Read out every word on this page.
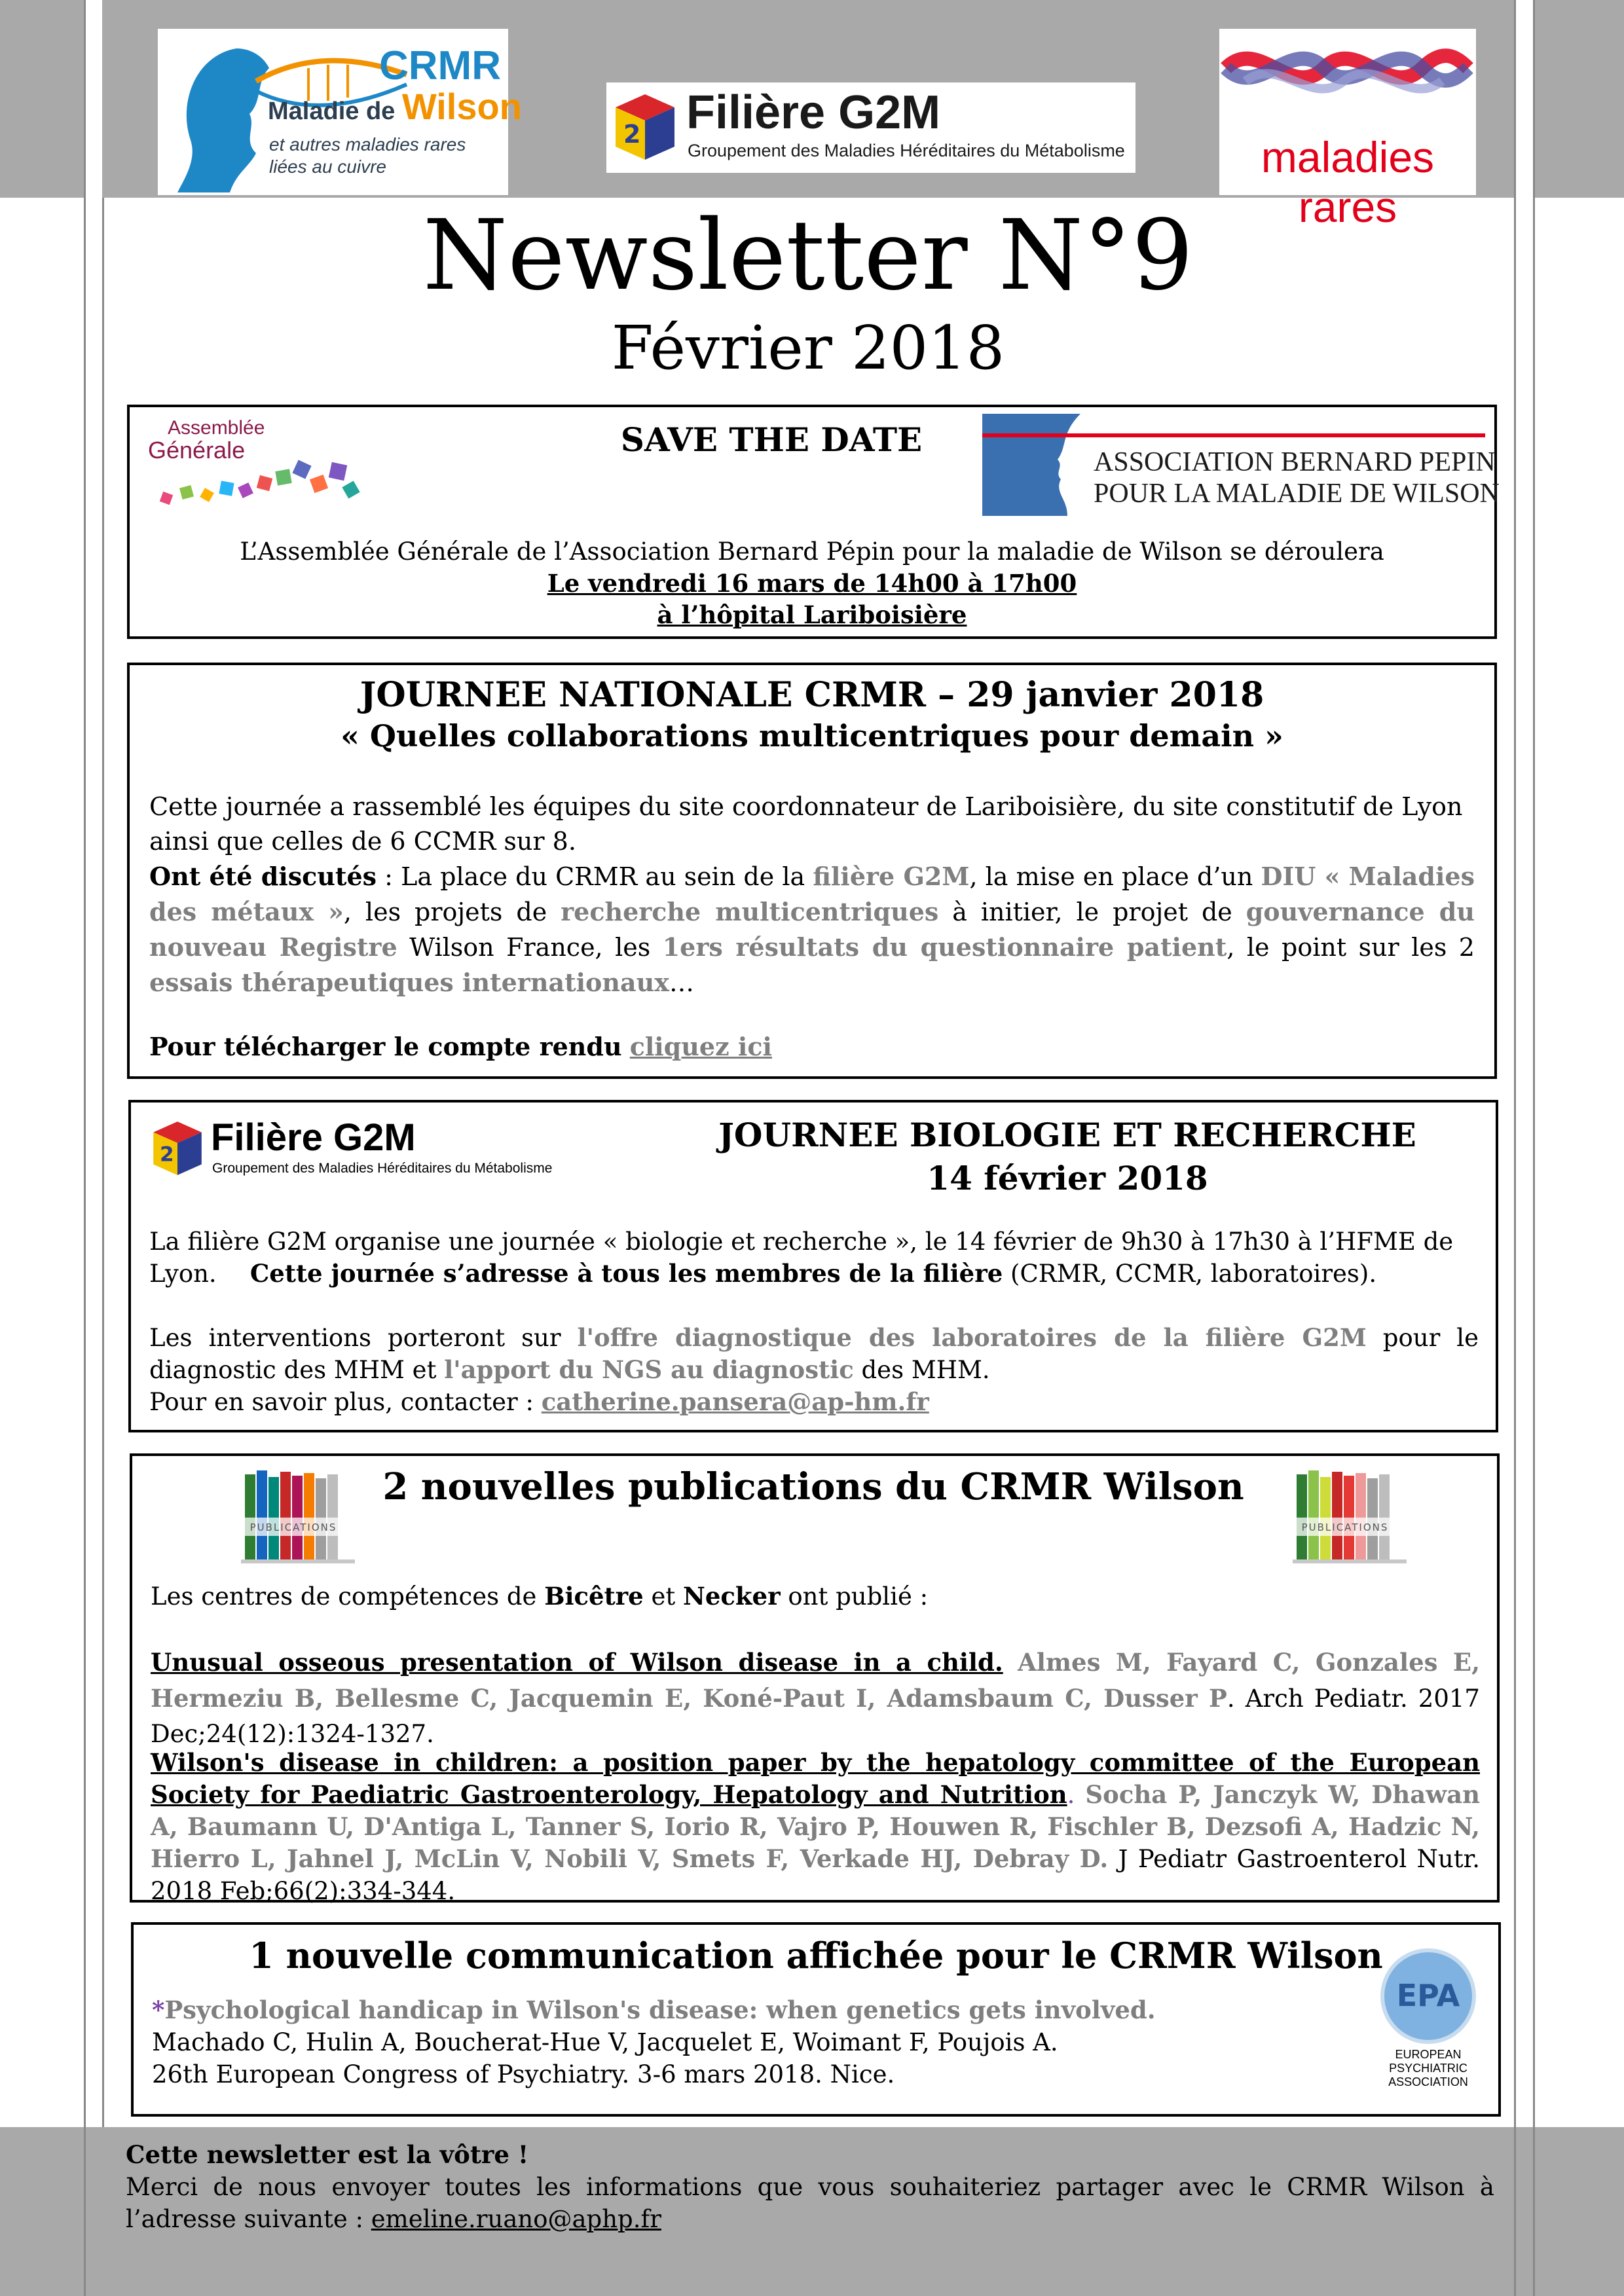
CRMR
Maladie de Wilson
et autres maladies rares
liées au cuivre
2 Filière G2M
Groupement des Maladies Héréditaires du Métabolisme	maladies rares
Newsletter N°9
Février 2018
Assemblée
Générale	SAVE THE DATE
ASSOCIATION BERNARD PEPIN
POUR LA MALADIE DE WILSON
L’Assemblée Générale de l’Association Bernard Pépin pour la maladie de Wilson se déroulera
Le vendredi 16 mars de 14h00 à 17h00
à l’hôpital Lariboisière
JOURNEE NATIONALE CRMR – 29 janvier 2018
« Quelles collaborations multicentriques pour demain »
Cette journée a rassemblé les équipes du site coordonnateur de Lariboisière, du site constitutif de Lyon ainsi que celles de 6 CCMR sur 8.
Ont été discutés : La place du CRMR au sein de la filière G2M, la mise en place d’un DIU « Maladies des métaux », les projets de recherche multicentriques à initier, le projet de gouvernance du nouveau Registre Wilson France, les 1ers résultats du questionnaire patient, le point sur les 2 essais thérapeutiques internationaux…
Pour télécharger le compte rendu cliquez ici
2 Filière G2M
Groupement des Maladies Héréditaires du Métabolisme
JOURNEE BIOLOGIE ET RECHERCHE
14 février 2018
La filière G2M organise une journée « biologie et recherche », le 14 février de 9h30 à 17h30 à l’HFME de Lyon.	Cette journée s’adresse à tous les membres de la filière (CRMR, CCMR, laboratoires).
Les interventions porteront sur l'offre diagnostique des laboratoires de la filière G2M pour le diagnostic des MHM et l'apport du NGS au diagnostic des MHM.
Pour en savoir plus, contacter : catherine.pansera@ap-hm.fr
PUBLICATIONS
2 nouvelles publications du CRMR Wilson
PUBLICATIONS
Les centres de compétences de Bicêtre et Necker ont publié :
Unusual osseous presentation of Wilson disease in a child. Almes M, Fayard C, Gonzales E, Hermeziu B, Bellesme C, Jacquemin E, Koné-Paut I, Adamsbaum C, Dusser P. Arch Pediatr. 2017 Dec;24(12):1324-1327.
Wilson's disease in children: a position paper by the hepatology committee of the European Society for Paediatric Gastroenterology, Hepatology and Nutrition. Socha P, Janczyk W, Dhawan A, Baumann U, D'Antiga L, Tanner S, Iorio R, Vajro P, Houwen R, Fischler B, Dezsofi A, Hadzic N, Hierro L, Jahnel J, McLin V, Nobili V, Smets F, Verkade HJ, Debray D. J Pediatr Gastroenterol Nutr. 2018 Feb;66(2):334-344.
1 nouvelle communication affichée pour le CRMR Wilson
*Psychological handicap in Wilson's disease: when genetics gets involved.
Machado C, Hulin A, Boucherat-Hue V, Jacquelet E, Woimant F, Poujois A.
26th European Congress of Psychiatry. 3-6 mars 2018. Nice.
EPA
EUROPEAN
PSYCHIATRIC
ASSOCIATION
Cette newsletter est la vôtre !
Merci de nous envoyer toutes les informations que vous souhaiteriez partager avec le CRMR Wilson à l’adresse suivante : emeline.ruano@aphp.fr
